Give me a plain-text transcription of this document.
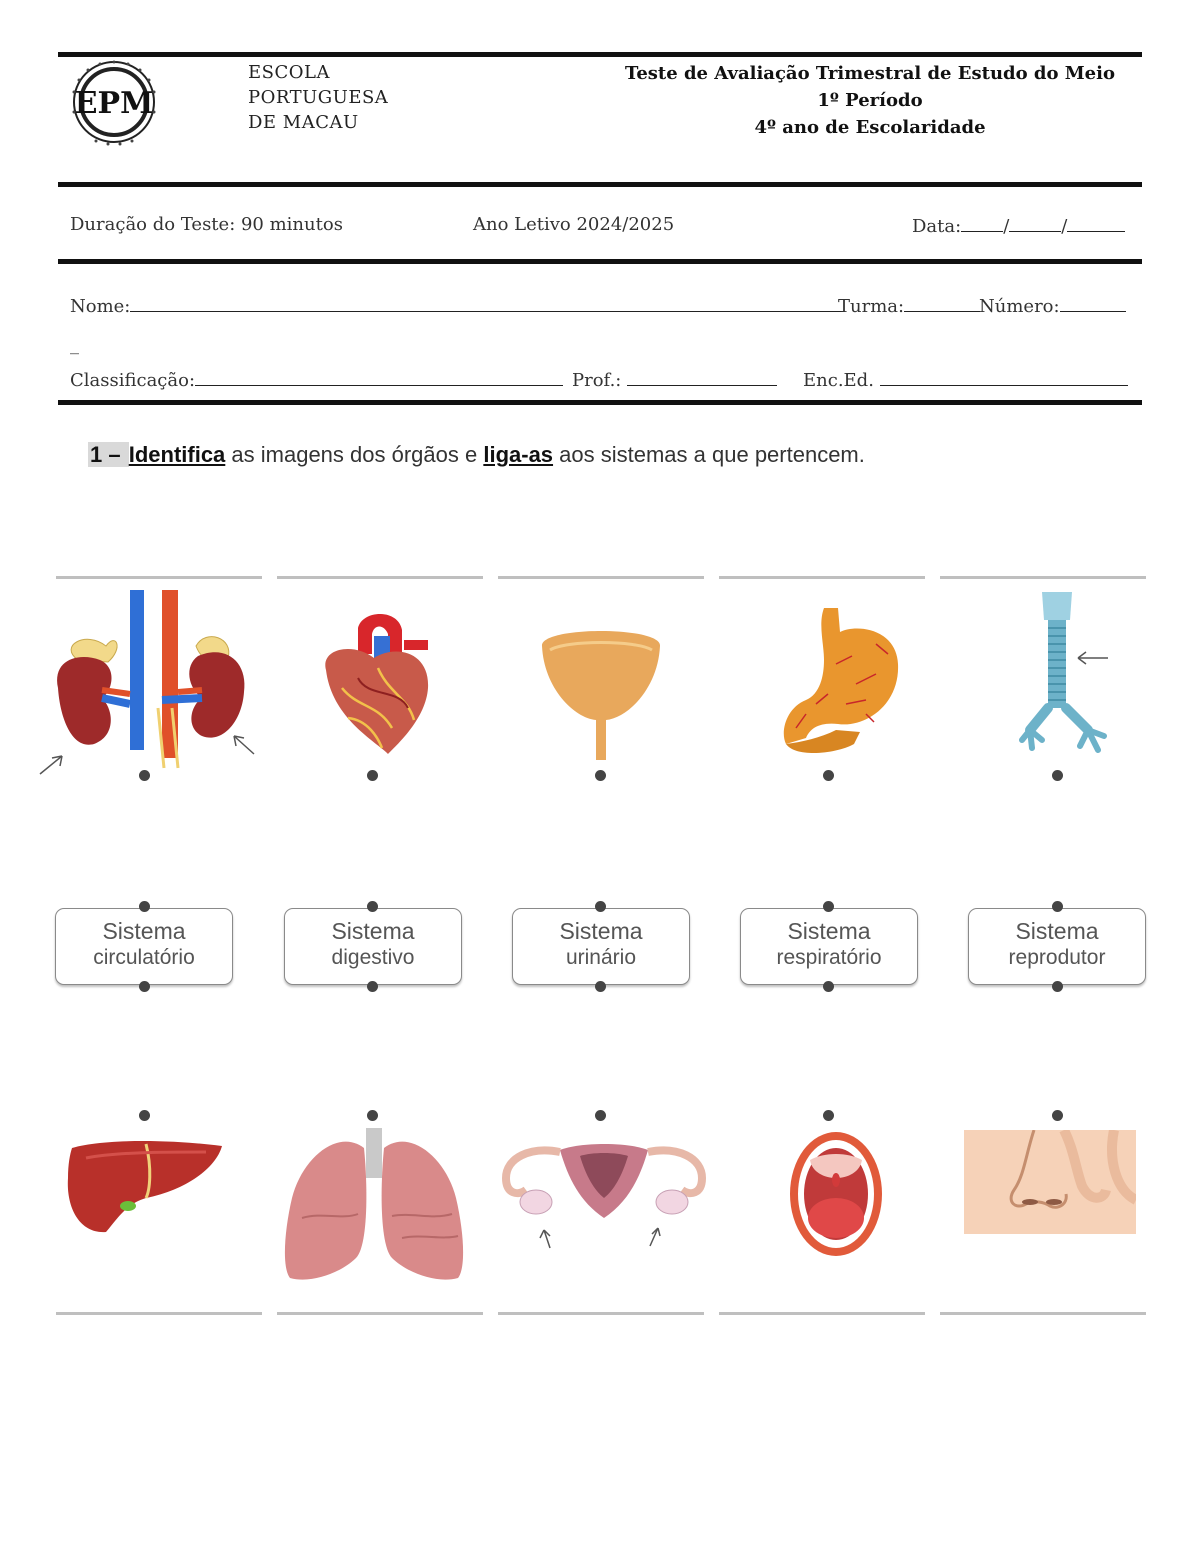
EPM
ESCOLA
PORTUGUESA
DE MACAU
Teste de Avaliação Trimestral de Estudo do Meio
1º Período
4º ano de Escolaridade
Duração do Teste: 90 minutos	Ano Letivo 2024/2025	Data: /	/
Nome:	Turma:	Número:
_
Classificação:	Prof.:	Enc.Ed.
1 – Identifica as imagens dos órgãos e liga-as aos sistemas a que pertencem.
Sistema
circulatório
Sistema
digestivo
Sistema
urinário
Sistema
respiratório
Sistema
reprodutor
